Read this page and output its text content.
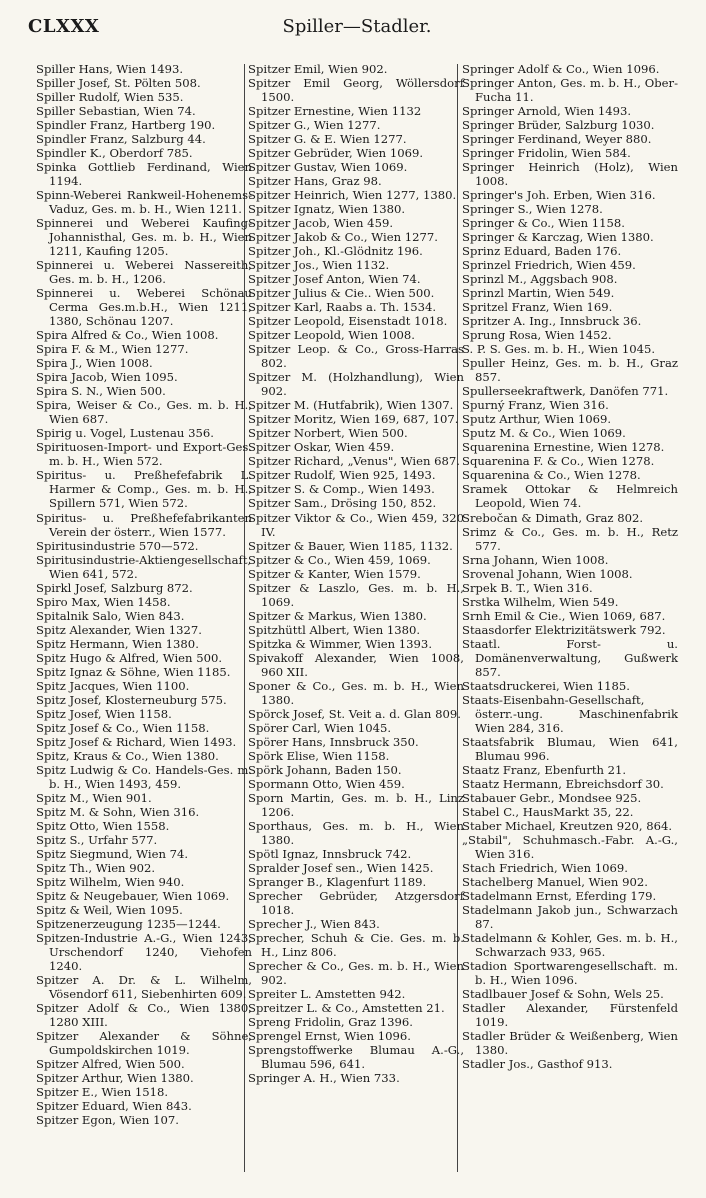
CLXXX	Spiller—Stadler.
Spiller Hans, Wien 1493.
Spiller Josef, St. Pölten 508.
Spiller Rudolf, Wien 535.
Spiller Sebastian, Wien 74.
Spindler Franz, Hartberg 190.
Spindler Franz, Salzburg 44.
Spindler K., Oberdorf 785.
Spinka Gottlieb Ferdinand, Wien 1194.
Spinn-Weberei Rankweil-Hohenems-Vaduz, Ges. m. b. H., Wien 1211.
Spinnerei und Weberei Kaufing-Johannisthal, Ges. m. b. H., Wien 1211, Kaufing 1205.
Spinnerei u. Weberei Nassereith, Ges. m. b. H., 1206.
Spinnerei u. Weberei Schönau Cerma Ges.m.b.H., Wien 1211, 1380, Schönau 1207.
Spira Alfred & Co., Wien 1008.
Spira F. & M., Wien 1277.
Spira J., Wien 1008.
Spira Jacob, Wien 1095.
Spira S. N., Wien 500.
Spira, Weiser & Co., Ges. m. b. H., Wien 687.
Spirig u. Vogel, Lustenau 356.
Spirituosen-Import- und Export-Ges. m. b. H., Wien 572.
Spiritus- u. Preßhefefabrik L. Harmer & Comp., Ges. m. b. H., Spillern 571, Wien 572.
Spiritus- u. Preßhefefabrikanten Verein der österr., Wien 1577.
Spiritusindustrie 570—572.
Spiritusindustrie-Aktiengesellschaft, Wien 641, 572.
Spirkl Josef, Salzburg 872.
Spiro Max, Wien 1458.
Spitalnik Salo, Wien 843.
Spitz Alexander, Wien 1327.
Spitz Hermann, Wien 1380.
Spitz Hugo & Alfred, Wien 500.
Spitz Ignaz & Söhne, Wien 1185.
Spitz Jacques, Wien 1100.
Spitz Josef, Klosterneuburg 575.
Spitz Josef, Wien 1158.
Spitz Josef & Co., Wien 1158.
Spitz Josef & Richard, Wien 1493.
Spitz, Kraus & Co., Wien 1380.
Spitz Ludwig & Co. Handels-Ges. m. b. H., Wien 1493, 459.
Spitz M., Wien 901.
Spitz M. & Sohn, Wien 316.
Spitz Otto, Wien 1558.
Spitz S., Urfahr 577.
Spitz Siegmund, Wien 74.
Spitz Th., Wien 902.
Spitz Wilhelm, Wien 940.
Spitz & Neugebauer, Wien 1069.
Spitz & Weil, Wien 1095.
Spitzenerzeugung 1235—1244.
Spitzen-Industrie A.-G., Wien 1243, Urschendorf 1240, Viehofen 1240.
Spitzer A. Dr. & L. Wilhelm, Vösendorf 611, Siebenhirten 609.
Spitzer Adolf & Co., Wien 1380, 1280 XIII.
Spitzer Alexander & Söhne, Gumpoldskirchen 1019.
Spitzer Alfred, Wien 500.
Spitzer Arthur, Wien 1380.
Spitzer E., Wien 1518.
Spitzer Eduard, Wien 843.
Spitzer Egon, Wien 107.
Spitzer Emil, Wien 902.
Spitzer Emil Georg, Wöllersdorf 1500.
Spitzer Ernestine, Wien 1132
Spitzer G., Wien 1277.
Spitzer G. & E. Wien 1277.
Spitzer Gebrüder, Wien 1069.
Spitzer Gustav, Wien 1069.
Spitzer Hans, Graz 98.
Spitzer Heinrich, Wien 1277, 1380.
Spitzer Ignatz, Wien 1380.
Spitzer Jacob, Wien 459.
Spitzer Jakob & Co., Wien 1277.
Spitzer Joh., Kl.-Glödnitz 196.
Spitzer Jos., Wien 1132.
Spitzer Josef Anton, Wien 74.
Spitzer Julius & Cie.. Wien 500.
Spitzer Karl, Raabs a. Th. 1534.
Spitzer Leopold, Eisenstadt 1018.
Spitzer Leopold, Wien 1008.
Spitzer Leop. & Co., Gross-Harras 802.
Spitzer M. (Holzhandlung), Wien 902.
Spitzer M. (Hutfabrik), Wien 1307.
Spitzer Moritz, Wien 169, 687, 107.
Spitzer Norbert, Wien 500.
Spitzer Oskar, Wien 459.
Spitzer Richard, „Venus", Wien 687.
Spitzer Rudolf, Wien 925, 1493.
Spitzer S. & Comp., Wien 1493.
Spitzer Sam., Drösing 150, 852.
Spitzer Viktor & Co., Wien 459, 320 IV.
Spitzer & Bauer, Wien 1185, 1132.
Spitzer & Co., Wien 459, 1069.
Spitzer & Kanter, Wien 1579.
Spitzer & Laszlo, Ges. m. b. H., 1069.
Spitzer & Markus, Wien 1380.
Spitzhüttl Albert, Wien 1380.
Spitzka & Wimmer, Wien 1393.
Spivakoff Alexander, Wien 1008, 960 XII.
Sponer & Co., Ges. m. b. H., Wien 1380.
Spörck Josef, St. Veit a. d. Glan 809.
Spörer Carl, Wien 1045.
Spörer Hans, Innsbruck 350.
Spörk Elise, Wien 1158.
Spörk Johann, Baden 150.
Spormann Otto, Wien 459.
Sporn Martin, Ges. m. b. H., Linz 1206.
Sporthaus, Ges. m. b. H., Wien 1380.
Spötl Ignaz, Innsbruck 742.
Spralder Josef sen., Wien 1425.
Spranger B., Klagenfurt 1189.
Sprecher Gebrüder, Atzgersdorf 1018.
Sprecher J., Wien 843.
Sprecher, Schuh & Cie. Ges. m. b. H., Linz 806.
Sprecher & Co., Ges. m. b. H., Wien 902.
Spreiter L. Amstetten 942.
Spreitzer L. & Co., Amstetten 21.
Spreng Fridolin, Graz 1396.
Sprengel Ernst, Wien 1096.
Sprengstoffwerke Blumau A.-G., Blumau 596, 641.
Springer A. H., Wien 733.
Springer Adolf & Co., Wien 1096.
Springer Anton, Ges. m. b. H., Ober-Fucha 11.
Springer Arnold, Wien 1493.
Springer Brüder, Salzburg 1030.
Springer Ferdinand, Weyer 880.
Springer Fridolin, Wien 584.
Springer Heinrich (Holz), Wien 1008.
Springer's Joh. Erben, Wien 316.
Springer S., Wien 1278.
Springer & Co., Wien 1158.
Springer & Karczag, Wien 1380.
Sprinz Eduard, Baden 176.
Sprinzel Friedrich, Wien 459.
Sprinzl M., Aggsbach 908.
Sprinzl Martin, Wien 549.
Spritzel Franz, Wien 169.
Spritzer A. Ing., Innsbruck 36.
Sprung Rosa, Wien 1452.
S. P. S. Ges. m. b. H., Wien 1045.
Spuller Heinz, Ges. m. b. H., Graz 857.
Spullerseekraftwerk, Danöfen 771.
Spurný Franz, Wien 316.
Sputz Arthur, Wien 1069.
Sputz M. & Co., Wien 1069.
Squarenina Ernestine, Wien 1278.
Squarenina F. & Co., Wien 1278.
Squarenina & Co., Wien 1278.
Sramek Ottokar & Helmreich Leopold, Wien 74.
Srebočan & Dimath, Graz 802.
Srimz & Co., Ges. m. b. H., Retz 577.
Srna Johann, Wien 1008.
Srovenal Johann, Wien 1008.
Srpek B. T., Wien 316.
Srstka Wilhelm, Wien 549.
Srnh Emil & Cie., Wien 1069, 687.
Staasdorfer Elektrizitätswerk 792.
Staatl. Forst- u. Domänenverwaltung, Gußwerk 857.
Staatsdruckerei, Wien 1185.
Staats-Eisenbahn-Gesellschaft, österr.-ung. Maschinenfabrik Wien 284, 316.
Staatsfabrik Blumau, Wien 641, Blumau 996.
Staatz Franz, Ebenfurth 21.
Staatz Hermann, Ebreichsdorf 30.
Stabauer Gebr., Mondsee 925.
Stabel C., HausMarkt 35, 22.
Staber Michael, Kreutzen 920, 864.
„Stabil", Schuhmasch.-Fabr. A.-G., Wien 316.
Stach Friedrich, Wien 1069.
Stachelberg Manuel, Wien 902.
Stadelmann Ernst, Eferding 179.
Stadelmann Jakob jun., Schwarzach 87.
Stadelmann & Kohler, Ges. m. b. H., Schwarzach 933, 965.
Stadion Sportwarengesellschaft. m. b. H., Wien 1096.
Stadlbauer Josef & Sohn, Wels 25.
Stadler Alexander, Fürstenfeld 1019.
Stadler Brüder & Weißenberg, Wien 1380.
Stadler Jos., Gasthof 913.
